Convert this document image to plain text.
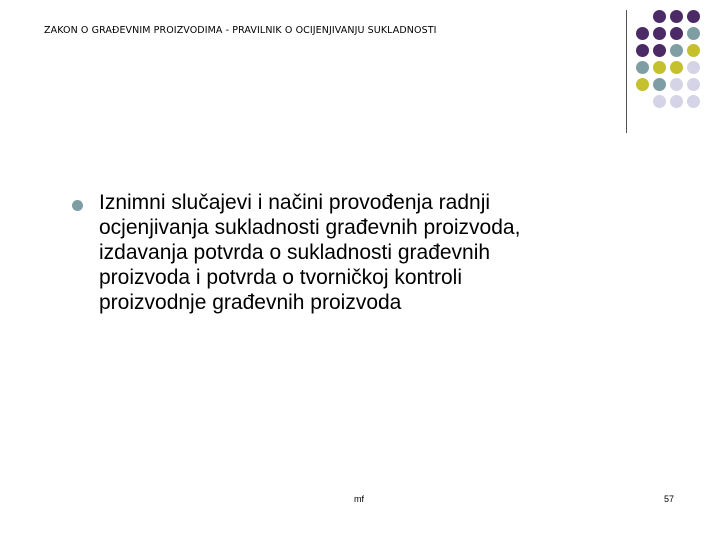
ZAKON O GRAĐEVNIM PROIZVODIMA - PRAVILNIK O OCIJENJIVANJU SUKLADNOSTI
Iznimni slučajevi i načini provođenja radnji
ocjenjivanja sukladnosti građevnih proizvoda,
izdavanja potvrda o sukladnosti građevnih
proizvoda i potvrda o tvorničkoj kontroli
proizvodnje građevnih proizvoda
mf	57
